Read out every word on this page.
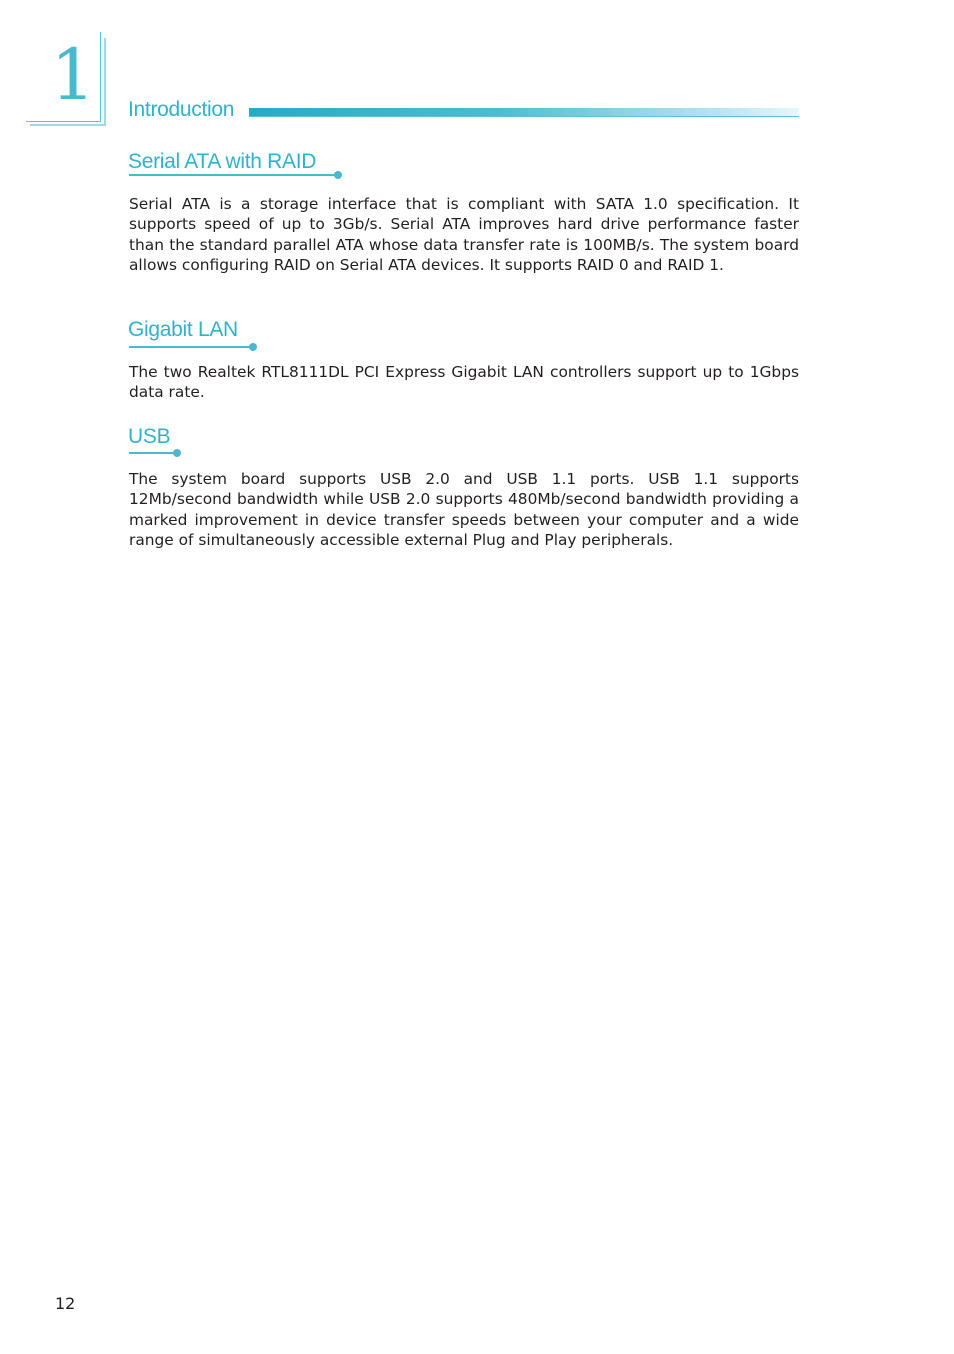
1 Introduction
Serial ATA with RAID

Serial ATA is a storage interface that is compliant with SATA 1.0 specification. It supports speed of up to 3Gb/s. Serial ATA improves hard drive performance faster than the standard parallel ATA whose data transfer rate is 100MB/s. The system board allows configuring RAID on Serial ATA devices. It supports RAID 0 and RAID 1.

Gigabit LAN

The two Realtek RTL8111DL PCI Express Gigabit LAN controllers support up to 1Gbps data rate.

USB

The system board supports USB 2.0 and USB 1.1 ports. USB 1.1 supports 12Mb/second bandwidth while USB 2.0 supports 480Mb/second bandwidth providing a marked improvement in device transfer speeds between your computer and a wide range of simultaneously accessible external Plug and Play peripherals.

12
